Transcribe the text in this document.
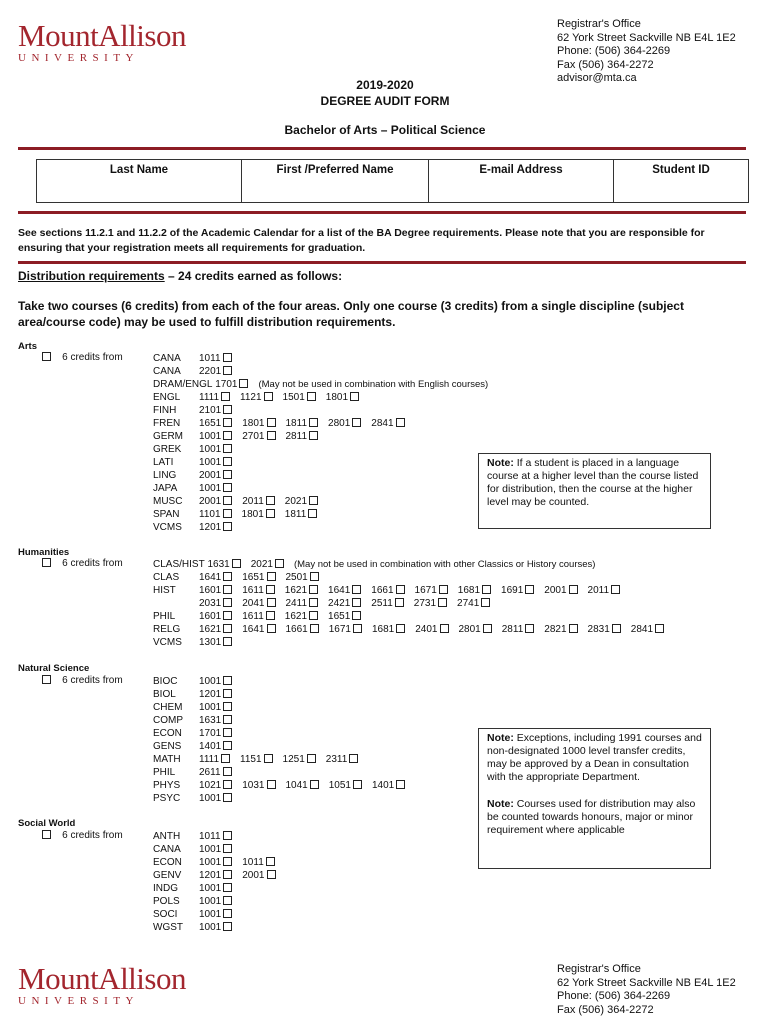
MountAllison
UNIVERSITY
Registrar's Office
62 York Street Sackville NB E4L 1E2
Phone: (506) 364-2269
Fax (506) 364-2272
advisor@mta.ca
2019-2020
DEGREE AUDIT FORM
Bachelor of Arts – Political Science
Last Name	First /Preferred Name	E-mail Address	Student ID
See sections 11.2.1 and 11.2.2 of the Academic Calendar for a list of the BA Degree requirements. Please note that you are responsible for ensuring that your registration meets all requirements for graduation.
Distribution requirements – 24 credits earned as follows:
Take two courses (6 credits) from each of the four areas. Only one course (3 credits) from a single discipline (subject area/course code) may be used to fulfill distribution requirements.
Arts
6 credits from
Humanities
6 credits from
Natural Science
6 credits from
Social World
6 credits from
Note: If a student is placed in a language course at a higher level than the course listed for distribution, then the course at the higher level may be counted.
Note: Exceptions, including 1991 courses and non-designated 1000 level transfer credits, may be approved by a Dean in consultation with the appropriate Department.
Note: Courses used for distribution may also be counted towards honours, major or minor requirement where applicable
MountAllison
UNIVERSITY
Registrar's Office
62 York Street Sackville NB E4L 1E2
Phone: (506) 364-2269
Fax (506) 364-2272
CANA 1011
CANA 2201
DRAM/ENGL 1701 (May not be used in combination with English courses)
ENGL 1111 1121 1501 1801
FINH 2101
FREN 1651 1801 1811 2801 2841
GERM 1001 2701 2811
GREK 1001
LATI	1001
LING 2001
JAPA 1001
MUSC 2001 2011 2021
SPAN 1101 1801 1811
VCMS 1201
CLAS/HIST 1631 2021 (May not be used in combination with other Classics or History courses)
CLAS 1641 1651 2501
HIST 1601 1611 1621 1641 1661 1671 1681 1691 2001 2011
2031 2041 2411 2421 2511 2731 2741
PHIL 1601 1611 1621 1651
RELG 1621 1641 1661 1671 1681 2401 2801 2811 2821 2831 2841
VCMS 1301
BIOC 1001
BIOL 1201
CHEM 1001
COMP 1631
ECON 1701
GENS 1401
MATH 1111 1151 1251 2311
PHIL 2611
PHYS 1021 1031 1041 1051 1401
PSYC 1001
ANTH 1011
CANA 1001
ECON 1001 1011
GENV 1201 2001
INDG 1001
POLS 1001
SOCI 1001
WGST 1001
